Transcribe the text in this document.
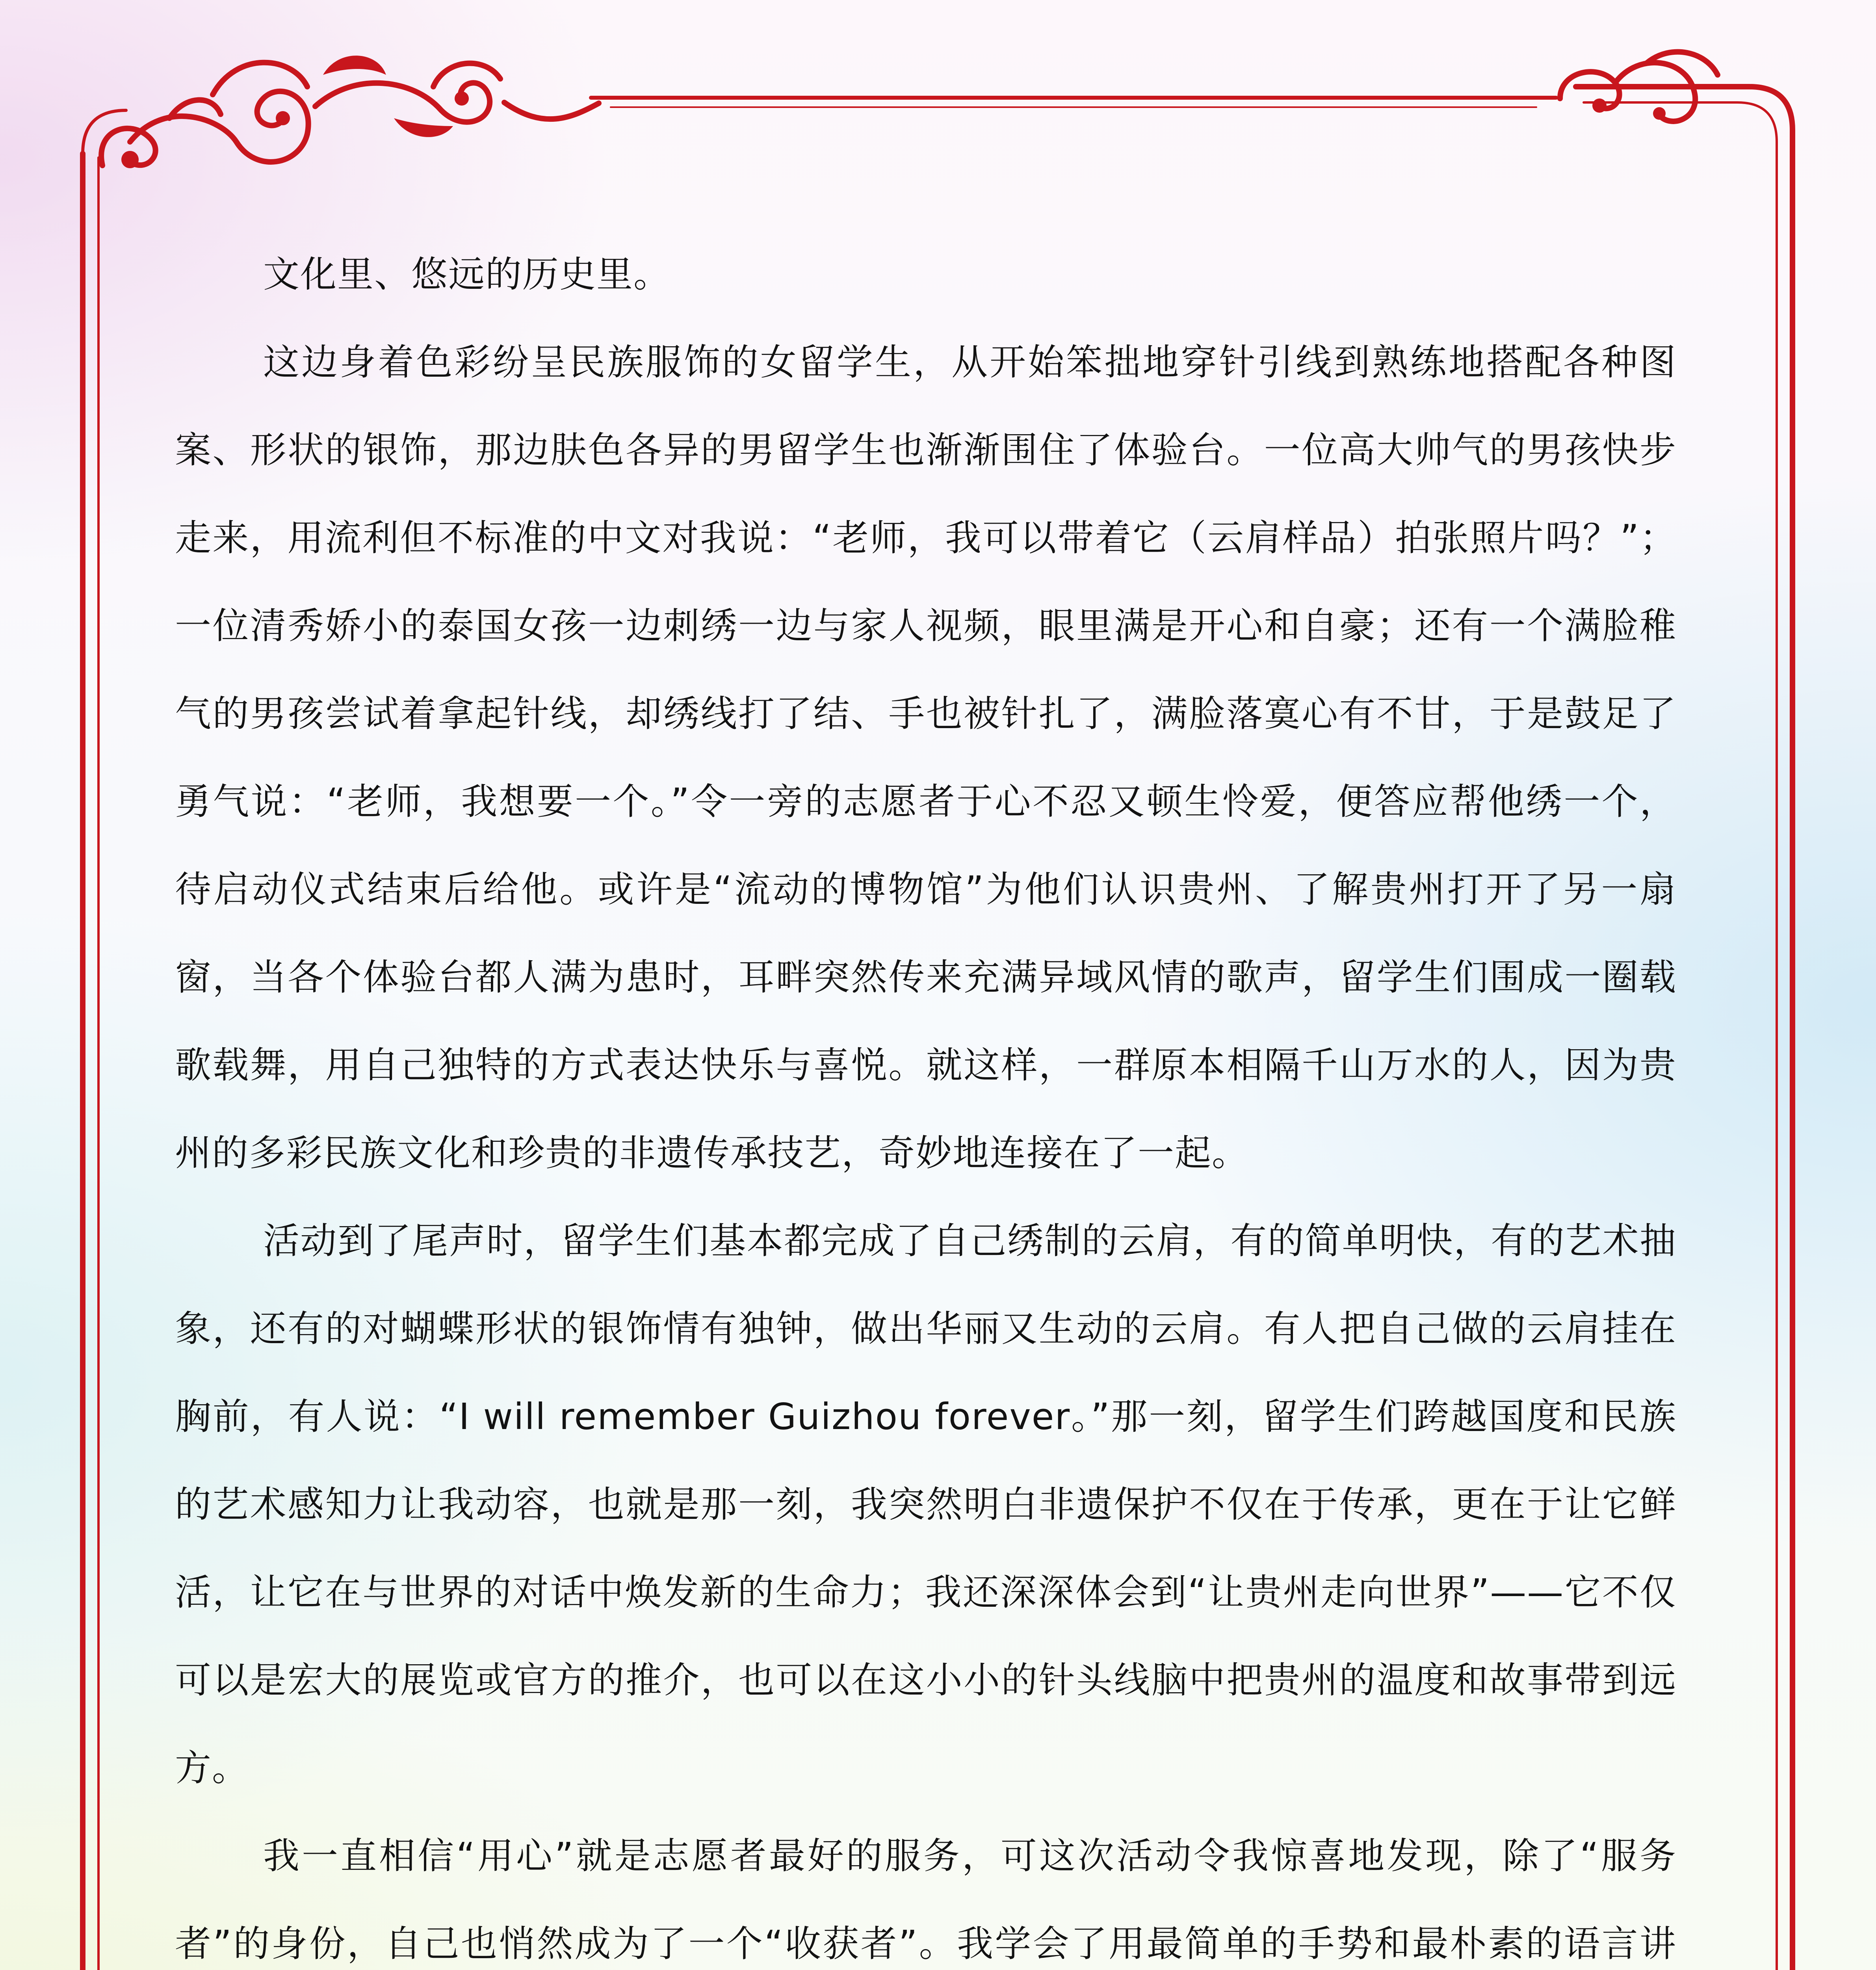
文化里、悠远的历史里。

这边身着色彩纷呈民族服饰的女留学生，从开始笨拙地穿针引线到熟练地搭配各种图案、形状的银饰，那边肤色各异的男留学生也渐渐围住了体验台。一位高大帅气的男孩快步走来，用流利但不标准的中文对我说：“老师，我可以带着它（云肩样品）拍张照片吗？”；一位清秀娇小的泰国女孩一边刺绣一边与家人视频，眼里满是开心和自豪；还有一个满脸稚气的男孩尝试着拿起针线，却绣线打了结、手也被针扎了，满脸落寞心有不甘，于是鼓足了勇气说：“老师，我想要一个。”令一旁的志愿者于心不忍又顿生怜爱，便答应帮他绣一个，待启动仪式结束后给他。或许是“流动的博物馆”为他们认识贵州、了解贵州打开了另一扇窗，当各个体验台都人满为患时，耳畔突然传来充满异域风情的歌声，留学生们围成一圈载歌载舞，用自己独特的方式表达快乐与喜悦。就这样，一群原本相隔千山万水的人，因为贵州的多彩民族文化和珍贵的非遗传承技艺，奇妙地连接在了一起。

活动到了尾声时，留学生们基本都完成了自己绣制的云肩，有的简单明快，有的艺术抽象，还有的对蝴蝶形状的银饰情有独钟，做出华丽又生动的云肩。有人把自己做的云肩挂在胸前，有人说：“I will remember Guizhou forever。”那一刻，留学生们跨越国度和民族的艺术感知力让我动容，也就是那一刻，我突然明白非遗保护不仅在于传承，更在于让它鲜活，让它在与世界的对话中焕发新的生命力；我还深深体会到“让贵州走向世界”——它不仅可以是宏大的展览或官方的推介，也可以在这小小的针头线脑中把贵州的温度和故事带到远方。

我一直相信“用心”就是志愿者最好的服务，可这次活动令我惊喜地发现，除了“服务者”的身份，自己也悄然成为了一个“收获者”。我学会了用最简单的手势和最朴素的语言讲
